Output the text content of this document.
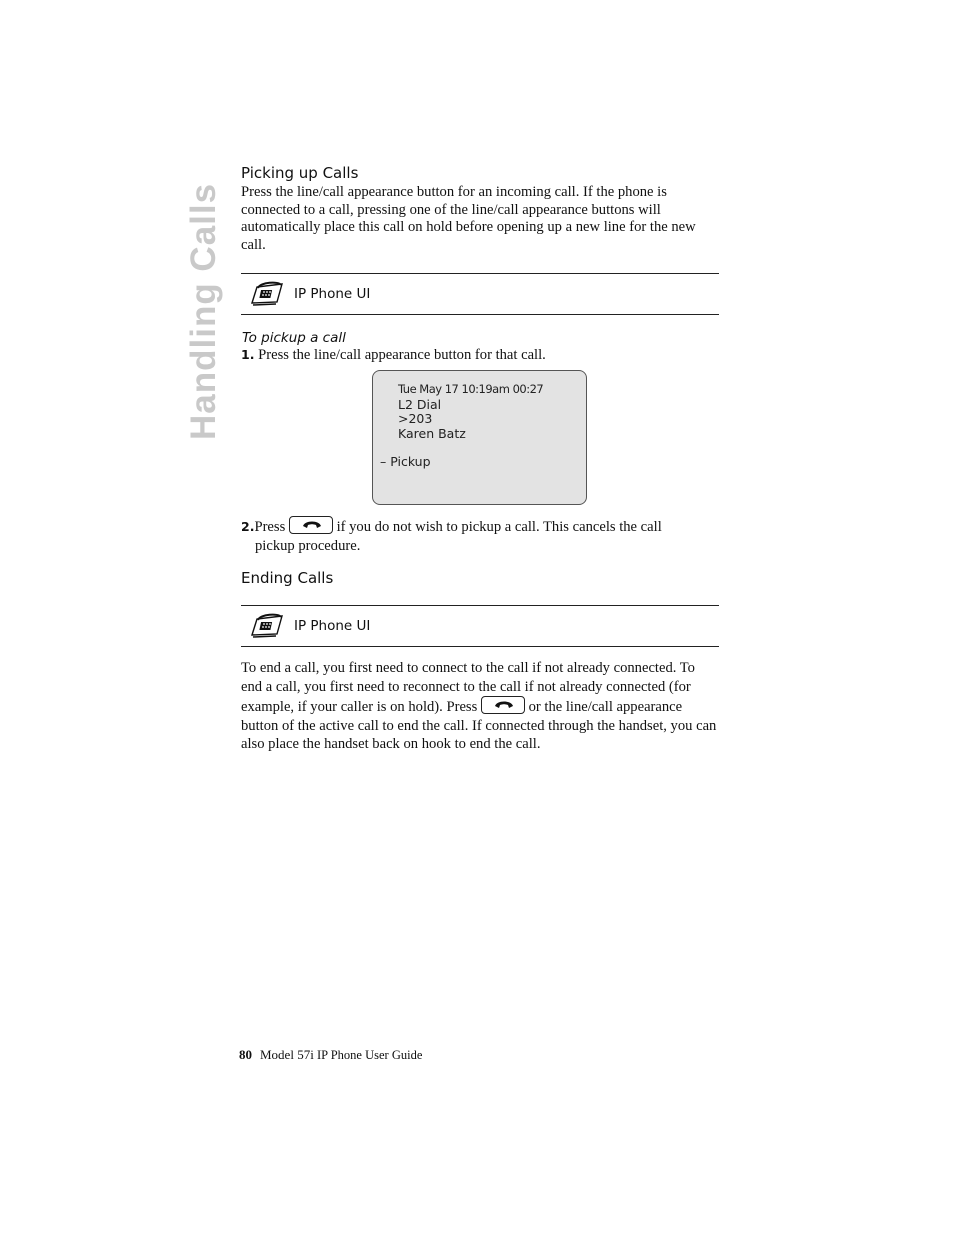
Handling Calls
Picking up Calls
Press the line/call appearance button for an incoming call. If the phone is connected to a call, pressing one of the line/call appearance buttons will automatically place this call on hold before opening up a new line for the new call.
IP Phone UI
To pickup a call
1. Press the line/call appearance button for that call.
Tue May 17 10:19am 00:27
L2 Dial
>203
Karen Batz
– Pickup
2.Press	if you do not wish to pickup a call. This cancels the call
pickup procedure.
Ending Calls
IP Phone UI
To end a call, you first need to connect to the call if not already connected. To end a call, you first need to reconnect to the call if not already connected (for example, if your caller is on hold). Press	or the line/call appearance button of the active call to end the call. If connected through the handset, you can also place the handset back on hook to end the call.
80 Model 57i IP Phone User Guide
